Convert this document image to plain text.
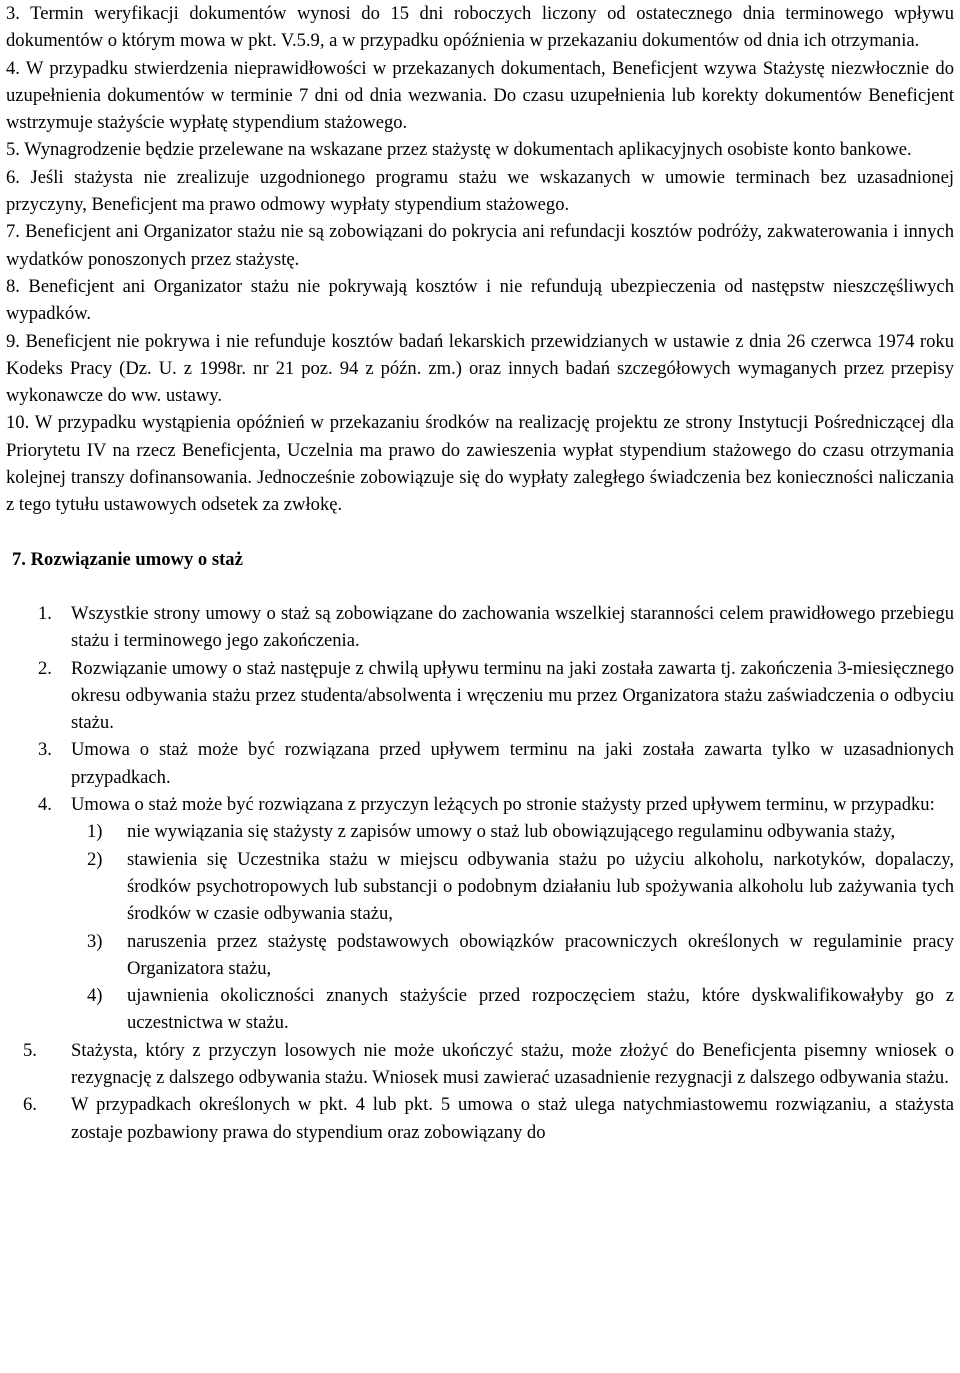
3. Termin weryfikacji dokumentów wynosi do 15 dni roboczych liczony od ostatecznego dnia terminowego wpływu dokumentów o którym mowa w pkt. V.5.9, a w przypadku opóźnienia w przekazaniu dokumentów od dnia ich otrzymania.

4. W przypadku stwierdzenia nieprawidłowości w przekazanych dokumentach, Beneficjent wzywa Stażystę niezwłocznie do uzupełnienia dokumentów w terminie 7 dni od dnia wezwania. Do czasu uzupełnienia lub korekty dokumentów Beneficjent wstrzymuje stażyście wypłatę stypendium stażowego.

5. Wynagrodzenie będzie przelewane na wskazane przez stażystę w dokumentach aplikacyjnych osobiste konto bankowe.

6. Jeśli stażysta nie zrealizuje uzgodnionego programu stażu we wskazanych w umowie terminach bez uzasadnionej przyczyny, Beneficjent ma prawo odmowy wypłaty stypendium stażowego.

7. Beneficjent ani Organizator stażu nie są zobowiązani do pokrycia ani refundacji kosztów podróży, zakwaterowania i innych wydatków ponoszonych przez stażystę.

8. Beneficjent ani Organizator stażu nie pokrywają kosztów i nie refundują ubezpieczenia od następstw nieszczęśliwych wypadków.

9. Beneficjent nie pokrywa i nie refunduje kosztów badań lekarskich przewidzianych w ustawie z dnia 26 czerwca 1974 roku Kodeks Pracy (Dz. U. z 1998r. nr 21 poz. 94 z późn. zm.) oraz innych badań szczegółowych wymaganych przez przepisy wykonawcze do ww. ustawy.

10. W przypadku wystąpienia opóźnień w przekazaniu środków na realizację projektu ze strony Instytucji Pośredniczącej dla Priorytetu IV na rzecz Beneficjenta, Uczelnia ma prawo do zawieszenia wypłat stypendium stażowego do czasu otrzymania kolejnej transzy dofinansowania. Jednocześnie zobowiązuje się do wypłaty zaległego świadczenia bez konieczności naliczania z tego tytułu ustawowych odsetek za zwłokę.

7. Rozwiązanie umowy o staż

1. Wszystkie strony umowy o staż są zobowiązane do zachowania wszelkiej staranności celem prawidłowego przebiegu stażu i terminowego jego zakończenia.

2. Rozwiązanie umowy o staż następuje z chwilą upływu terminu na jaki została zawarta tj. zakończenia 3-miesięcznego okresu odbywania stażu przez studenta/absolwenta i wręczeniu mu przez Organizatora stażu zaświadczenia o odbyciu stażu.

3. Umowa o staż może być rozwiązana przed upływem terminu na jaki została zawarta tylko w uzasadnionych przypadkach.

4. Umowa o staż może być rozwiązana z przyczyn leżących po stronie stażysty przed upływem terminu, w przypadku:

1) nie wywiązania się stażysty z zapisów umowy o staż lub obowiązującego regulaminu odbywania staży,

2) stawienia się Uczestnika stażu w miejscu odbywania stażu po użyciu alkoholu, narkotyków, dopalaczy, środków psychotropowych lub substancji o podobnym działaniu lub spożywania alkoholu lub zażywania tych środków w czasie odbywania stażu,

3) naruszenia przez stażystę podstawowych obowiązków pracowniczych określonych w regulaminie pracy Organizatora stażu,

4) ujawnienia okoliczności znanych stażyście przed rozpoczęciem stażu, które dyskwalifikowałyby go z uczestnictwa w stażu.

5. Stażysta, który z przyczyn losowych nie może ukończyć stażu, może złożyć do Beneficjenta pisemny wniosek o rezygnację z dalszego odbywania stażu. Wniosek musi zawierać uzasadnienie rezygnacji z dalszego odbywania stażu.

6. W przypadkach określonych w pkt. 4 lub pkt. 5 umowa o staż ulega natychmiastowemu rozwiązaniu, a stażysta zostaje pozbawiony prawa do stypendium oraz zobowiązany do
